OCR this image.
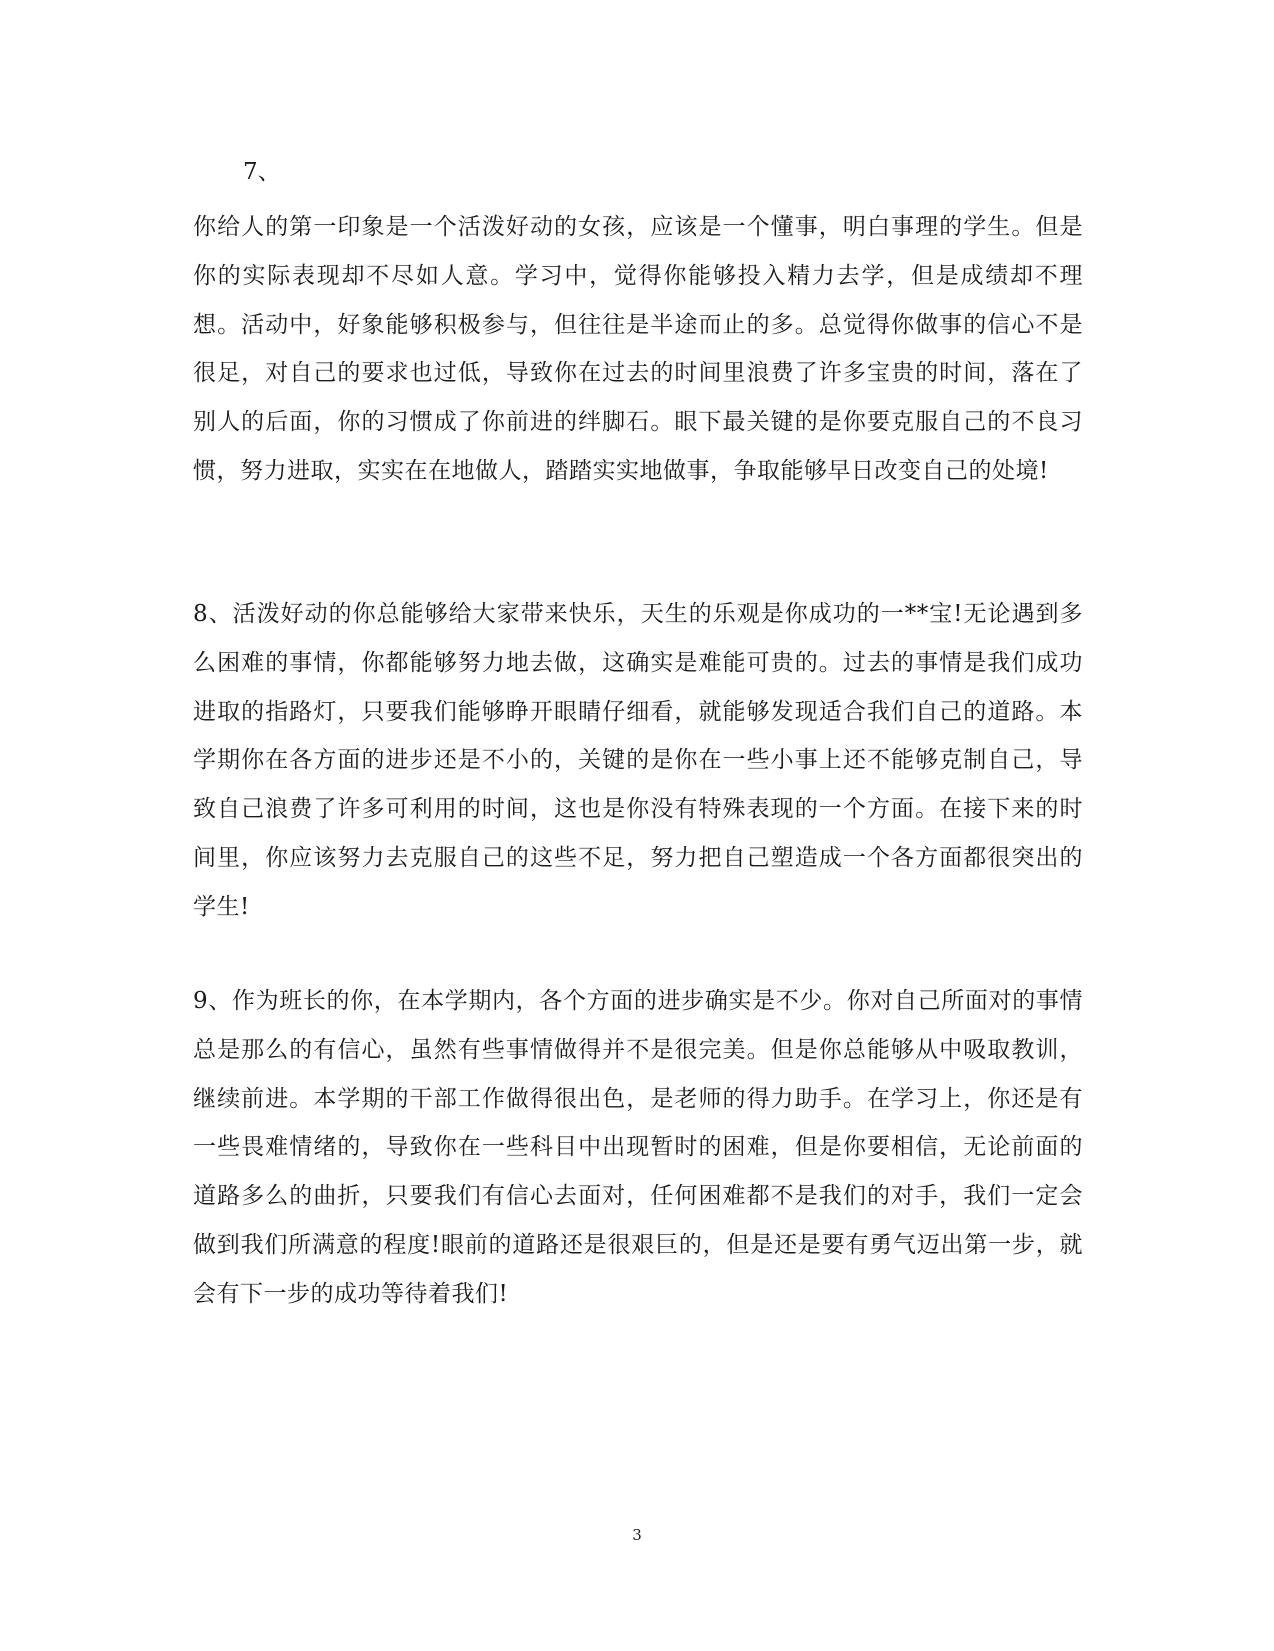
7、

你给人的第一印象是一个活泼好动的女孩，应该是一个懂事，明白事理的学生。但是你的实际表现却不尽如人意。学习中，觉得你能够投入精力去学，但是成绩却不理想。活动中，好象能够积极参与，但往往是半途而止的多。总觉得你做事的信心不是很足，对自己的要求也过低，导致你在过去的时间里浪费了许多宝贵的时间，落在了别人的后面，你的习惯成了你前进的绊脚石。眼下最关键的是你要克服自己的不良习惯，努力进取，实实在在地做人，踏踏实实地做事，争取能够早日改变自己的处境!

8、活泼好动的你总能够给大家带来快乐，天生的乐观是你成功的一**宝!无论遇到多么困难的事情，你都能够努力地去做，这确实是难能可贵的。过去的事情是我们成功进取的指路灯，只要我们能够睁开眼睛仔细看，就能够发现适合我们自己的道路。本学期你在各方面的进步还是不小的，关键的是你在一些小事上还不能够克制自己，导致自己浪费了许多可利用的时间，这也是你没有特殊表现的一个方面。在接下来的时间里，你应该努力去克服自己的这些不足，努力把自己塑造成一个各方面都很突出的学生!

9、作为班长的你，在本学期内，各个方面的进步确实是不少。你对自己所面对的事情总是那么的有信心，虽然有些事情做得并不是很完美。但是你总能够从中吸取教训，继续前进。本学期的干部工作做得很出色，是老师的得力助手。在学习上，你还是有一些畏难情绪的，导致你在一些科目中出现暂时的困难，但是你要相信，无论前面的道路多么的曲折，只要我们有信心去面对，任何困难都不是我们的对手，我们一定会做到我们所满意的程度!眼前的道路还是很艰巨的，但是还是要有勇气迈出第一步，就会有下一步的成功等待着我们!

3
